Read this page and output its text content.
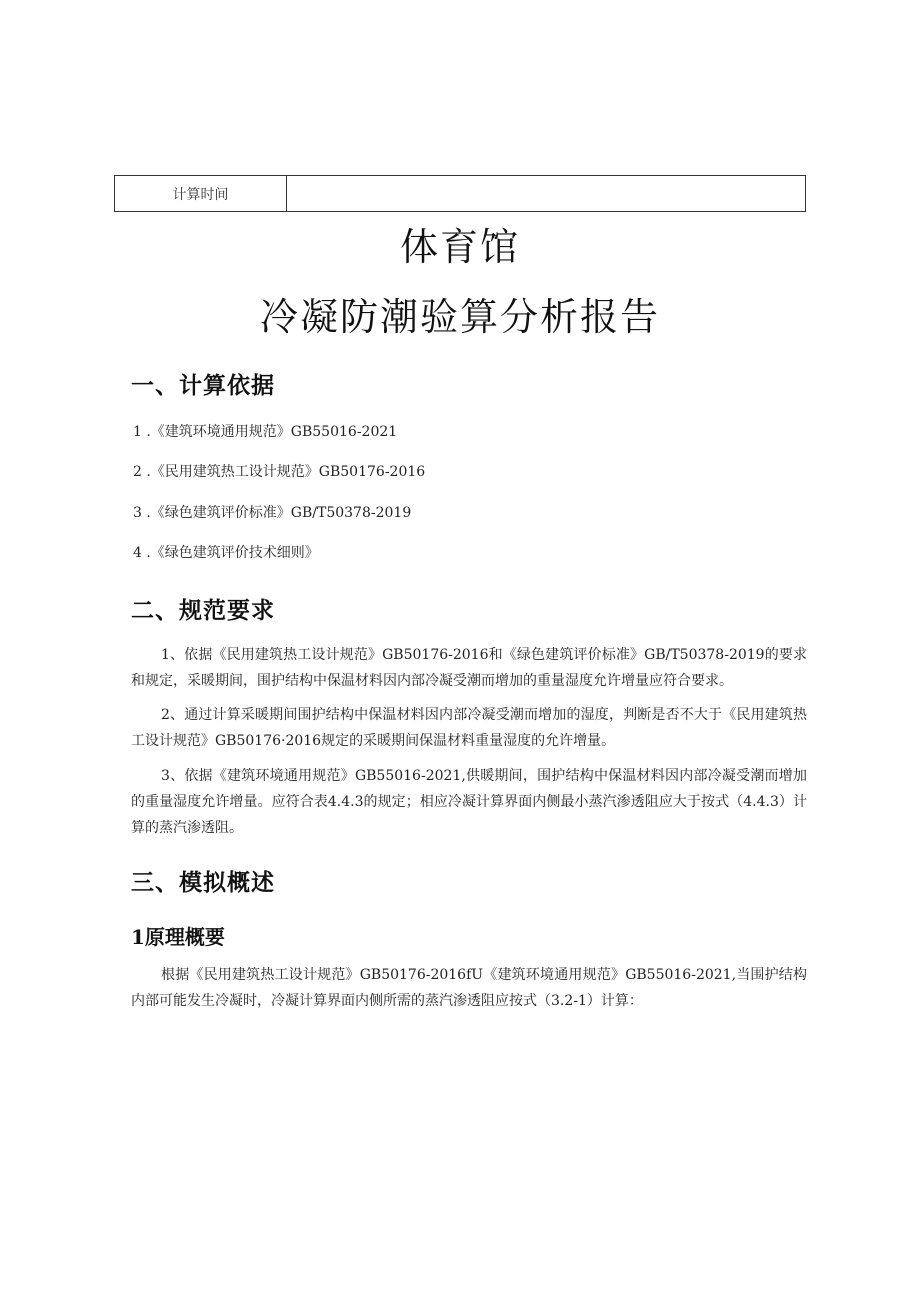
计算时间	
体育馆
冷凝防潮验算分析报告
一、计算依据

1 .《建筑环境通用规范》GB55016-2021

2 .《民用建筑热工设计规范》GB50176-2016

3 .《绿色建筑评价标准》GB/T50378-2019

4 .《绿色建筑评价技术细则》

二、规范要求

1、依据《民用建筑热工设计规范》GB50176-2016和《绿色建筑评价标准》GB/T50378-2019的要求和规定，采暖期间，围护结构中保温材料因内部冷凝受潮而增加的重量湿度允许增量应符合要求。

2、通过计算采暖期间围护结构中保温材料因内部冷凝受潮而增加的湿度，判断是否不大于《民用建筑热工设计规范》GB50176·2016规定的采暖期间保温材料重量湿度的允许增量。

3、依据《建筑环境通用规范》GB55016-2021,供暖期间，围护结构中保温材料因内部冷凝受潮而增加的重量湿度允许增量。应符合表4.4.3的规定；相应冷凝计算界面内侧最小蒸汽渗透阻应大于按式（4.4.3）计算的蒸汽渗透阻。

三、模拟概述
1原理概要

根据《民用建筑热工设计规范》GB50176-2016fU《建筑环境通用规范》GB55016-2021,当围护结构内部可能发生冷凝时，冷凝计算界面内侧所需的蒸汽渗透阻应按式（3.2-1）计算：
